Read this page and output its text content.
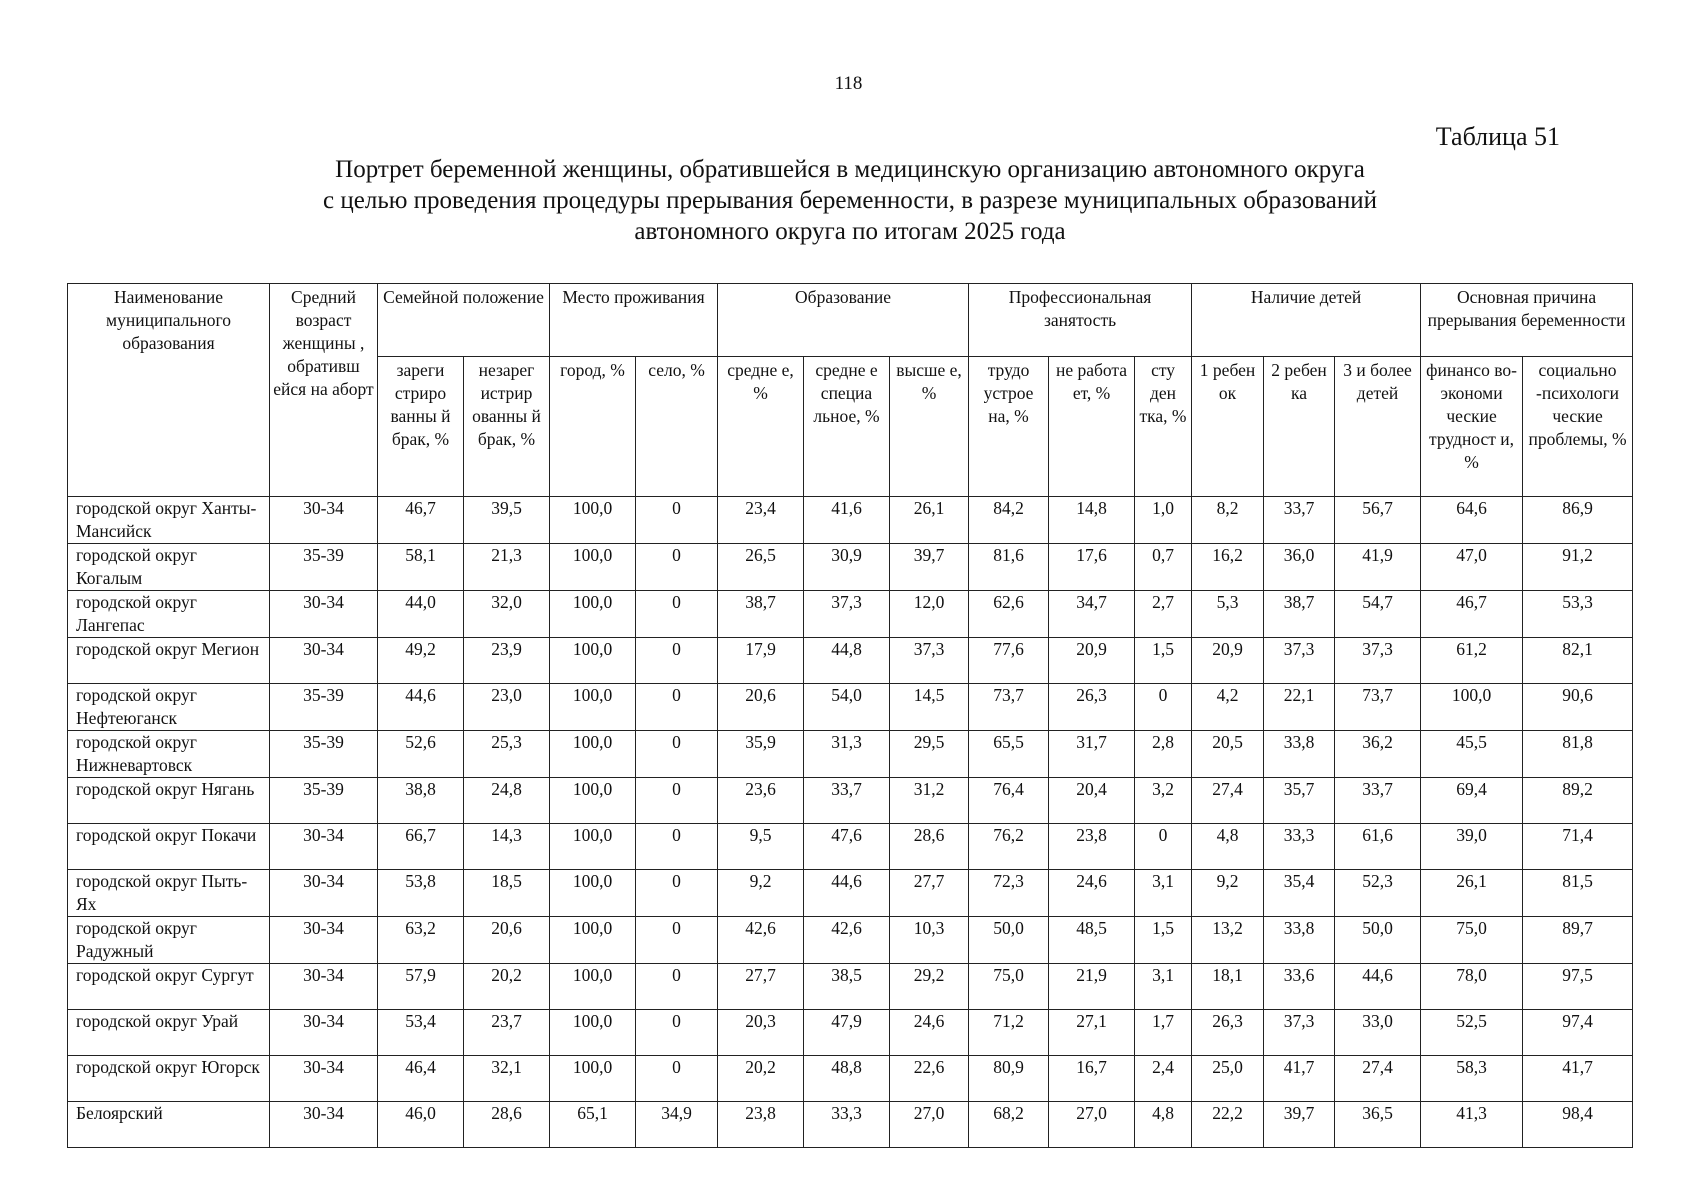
118
Таблица 51
Портрет беременной женщины, обратившейся в медицинскую организацию автономного округа
с целью проведения процедуры прерывания беременности, в разрезе муниципальных образований
автономного округа по итогам 2025 года
Наименование муниципального образования	Средний возраст женщины , обративш ейся на аборт	Семейной положение		Место проживания		Образование			Профессиональная занятость			Наличие детей			Основная причина прерывания беременности	
		зареги стриро ванны й брак, %	незарег истрир ованны й брак, %	город, %	село, %	средне е, %	средне е специа льное, %	высше е, %	трудо устрое на, %	не работа ет, %	сту ден тка, %	1 ребен ок	2 ребен ка	3 и более детей	финансо во-экономи ческие трудност и, %	социально -психологи ческие проблемы, %
городской округ Ханты-Мансийск	30-34	46,7	39,5	100,0	0	23,4	41,6	26,1	84,2	14,8	1,0	8,2	33,7	56,7	64,6	86,9
городской округ Когалым	35-39	58,1	21,3	100,0	0	26,5	30,9	39,7	81,6	17,6	0,7	16,2	36,0	41,9	47,0	91,2
городской округ Лангепас	30-34	44,0	32,0	100,0	0	38,7	37,3	12,0	62,6	34,7	2,7	5,3	38,7	54,7	46,7	53,3
городской округ Мегион	30-34	49,2	23,9	100,0	0	17,9	44,8	37,3	77,6	20,9	1,5	20,9	37,3	37,3	61,2	82,1
городской округ Нефтеюганск	35-39	44,6	23,0	100,0	0	20,6	54,0	14,5	73,7	26,3	0	4,2	22,1	73,7	100,0	90,6
городской округ Нижневартовск	35-39	52,6	25,3	100,0	0	35,9	31,3	29,5	65,5	31,7	2,8	20,5	33,8	36,2	45,5	81,8
городской округ Нягань	35-39	38,8	24,8	100,0	0	23,6	33,7	31,2	76,4	20,4	3,2	27,4	35,7	33,7	69,4	89,2
городской округ Покачи	30-34	66,7	14,3	100,0	0	9,5	47,6	28,6	76,2	23,8	0	4,8	33,3	61,6	39,0	71,4
городской округ Пыть-Ях	30-34	53,8	18,5	100,0	0	9,2	44,6	27,7	72,3	24,6	3,1	9,2	35,4	52,3	26,1	81,5
городской округ Радужный	30-34	63,2	20,6	100,0	0	42,6	42,6	10,3	50,0	48,5	1,5	13,2	33,8	50,0	75,0	89,7
городской округ Сургут	30-34	57,9	20,2	100,0	0	27,7	38,5	29,2	75,0	21,9	3,1	18,1	33,6	44,6	78,0	97,5
городской округ Урай	30-34	53,4	23,7	100,0	0	20,3	47,9	24,6	71,2	27,1	1,7	26,3	37,3	33,0	52,5	97,4
городской округ Югорск	30-34	46,4	32,1	100,0	0	20,2	48,8	22,6	80,9	16,7	2,4	25,0	41,7	27,4	58,3	41,7
Белоярский	30-34	46,0	28,6	65,1	34,9	23,8	33,3	27,0	68,2	27,0	4,8	22,2	39,7	36,5	41,3	98,4
